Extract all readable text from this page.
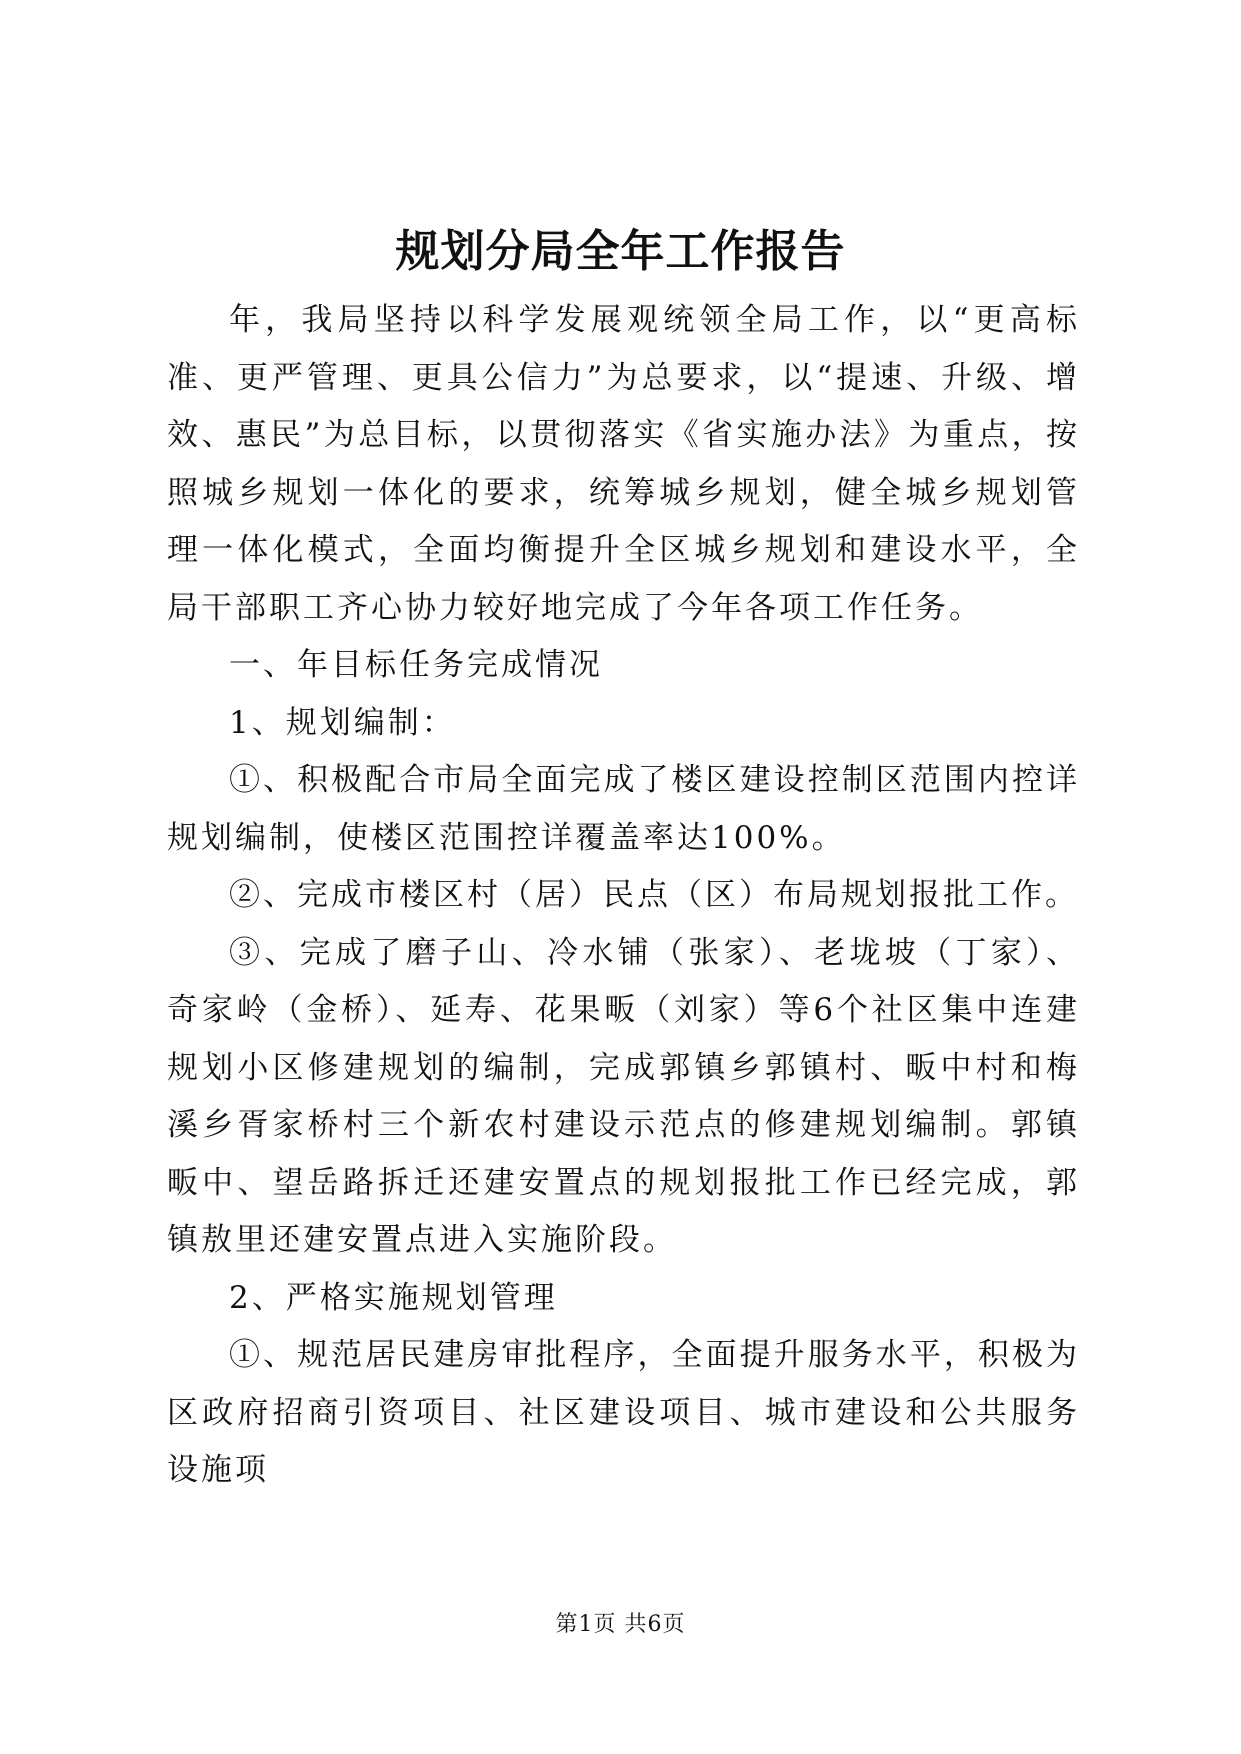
规划分局全年工作报告

年，我局坚持以科学发展观统领全局工作，以“更高标准、更严管理、更具公信力”为总要求，以“提速、升级、增效、惠民”为总目标，以贯彻落实《省实施办法》为重点，按照城乡规划一体化的要求，统筹城乡规划，健全城乡规划管理一体化模式，全面均衡提升全区城乡规划和建设水平，全局干部职工齐心协力较好地完成了今年各项工作任务。

一、年目标任务完成情况

1、规划编制：

①、积极配合市局全面完成了楼区建设控制区范围内控详规划编制，使楼区范围控详覆盖率达100%。

②、完成市楼区村（居）民点（区）布局规划报批工作。

③、完成了磨子山、冷水铺（张家）、老垅坡（丁家）、奇家岭（金桥）、延寿、花果畈（刘家）等6个社区集中连建规划小区修建规划的编制，完成郭镇乡郭镇村、畈中村和梅溪乡胥家桥村三个新农村建设示范点的修建规划编制。郭镇畈中、望岳路拆迁还建安置点的规划报批工作已经完成，郭镇敖里还建安置点进入实施阶段。

2、严格实施规划管理

①、规范居民建房审批程序，全面提升服务水平，积极为区政府招商引资项目、社区建设项目、城市建设和公共服务设施项

第1页 共6页
